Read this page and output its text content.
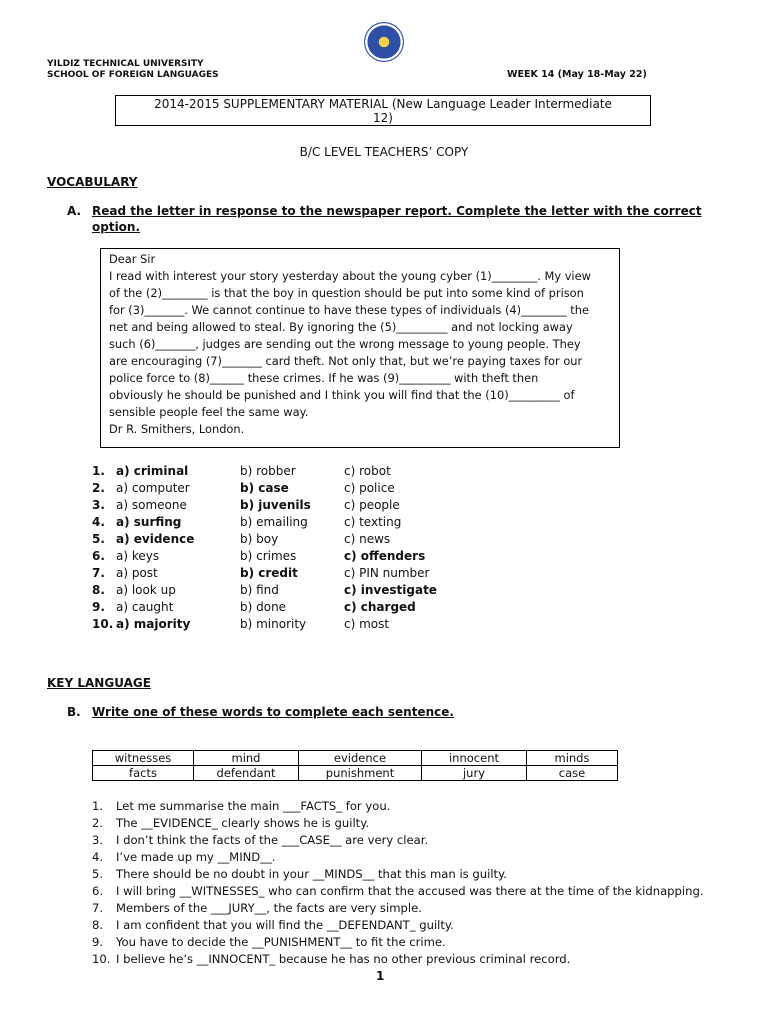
YILDIZ TECHNICAL UNIVERSITY
SCHOOL OF FOREIGN LANGUAGES	WEEK 14 (May 18-May 22)
2014-2015 SUPPLEMENTARY MATERIAL (New Language Leader Intermediate
12)
B/C LEVEL TEACHERS’ COPY
VOCABULARY
A. Read the letter in response to the newspaper report. Complete the letter with the correct
option.
Dear Sir
I read with interest your story yesterday about the young cyber (1)________. My view
of the (2)________ is that the boy in question should be put into some kind of prison
for (3)_______. We cannot continue to have these types of individuals (4)________ the
net and being allowed to steal. By ignoring the (5)_________ and not locking away
such (6)_______, judges are sending out the wrong message to young people. They
are encouraging (7)_______ card theft. Not only that, but we’re paying taxes for our
police force to (8)______ these crimes. If he was (9)_________ with theft then
obviously he should be punished and I think you will find that the (10)_________ of
sensible people feel the same way.
Dr R. Smithers, London.
1. a) criminal	b) robber	c) robot
2. a) computer	b) case	c) police
3. a) someone	b) juvenils	c) people
4. a) surfing	b) emailing	c) texting
5. a) evidence	b) boy	c) news
6. a) keys	b) crimes	c) offenders
7. a) post	b) credit	c) PIN number
8. a) look up	b) find	c) investigate
9. a) caught	b) done	c) charged
10. a) majority	b) minority	c) most
KEY LANGUAGE
B. Write one of these words to complete each sentence.
witnesses	mind	evidence	innocent	minds
facts	defendant	punishment	jury	case
1. Let me summarise the main ___FACTS_ for you.
2. The __EVIDENCE_ clearly shows he is guilty.
3. I don’t think the facts of the ___CASE__ are very clear.
4. I’ve made up my __MIND__.
5. There should be no doubt in your __MINDS__ that this man is guilty.
6. I will bring __WITNESSES_ who can confirm that the accused was there at the time of the kidnapping.
7. Members of the ___JURY__, the facts are very simple.
8. I am confident that you will find the __DEFENDANT_ guilty.
9. You have to decide the __PUNISHMENT__ to fit the crime.
10. I believe he’s __INNOCENT_ because he has no other previous criminal record.
1
